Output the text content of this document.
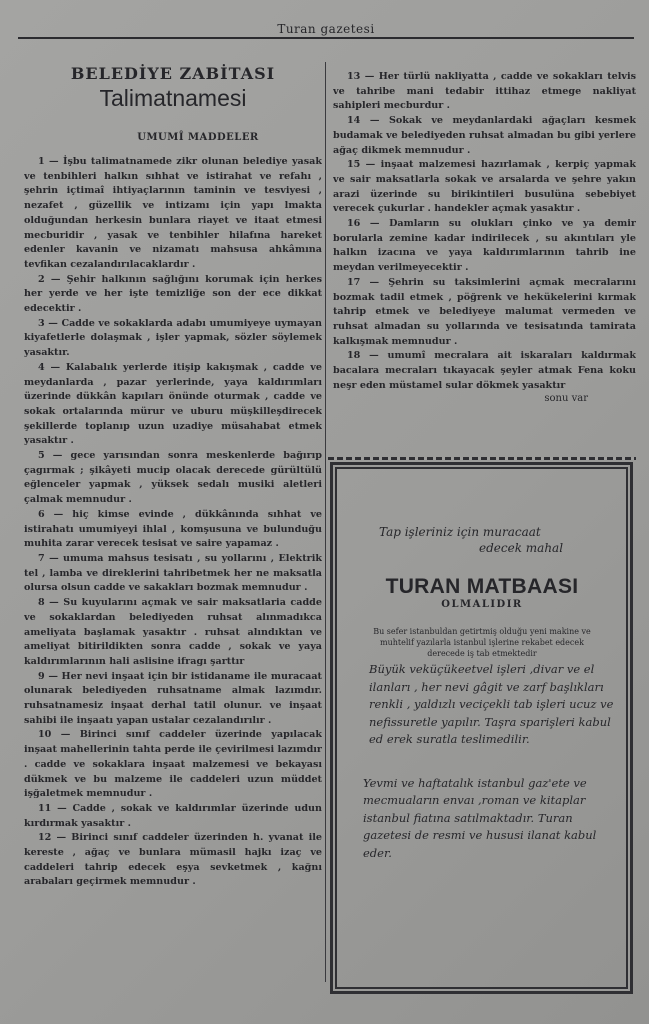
Turan gazetesi
BELEDİYE ZABİTASI
Talimatnamesi
UMUMÎ MADDELER

1 — İşbu talimatnamede zikr olunan belediye yasak ve tenbihleri halkın sıhhat ve istirahat ve refahı , şehrin içtimaî ihtiyaçlarının taminin ve tesviyesi , nezafet , güzellik ve intizamı için yapı lmakta olduğundan herkesin bunlara riayet ve itaat etmesi mecburidir , yasak ve tenbihler hilafına hareket edenler kavanin ve nizamatı mahsusa ahkâmına tevfikan cezalandırılacaklardır .

2 — Şehir halkının sağlığını korumak için herkes her yerde ve her işte temizliğe son der ece dikkat edecektir .

3 — Cadde ve sokaklarda adabı umumiyeye uymayan kiyafetlerle dolaşmak , işler yapmak, sözler söylemek yasaktır.

4 — Kalabalık yerlerde itişip kakışmak , cadde ve meydanlarda , pazar yerlerinde, yaya kaldırımları üzerinde dükkân kapıları önünde oturmak , cadde ve sokak ortalarında mürur ve uburu müşkilleşdirecek şekillerde toplanıp uzun uzadiye müsahabat etmek yasaktır .

5 — gece yarısından sonra meskenlerde bağırıp çagırmak ; şikâyeti mucip olacak derecede gürültülü eğlenceler yapmak , yüksek sedalı musiki aletleri çalmak memnudur .

6 — hiç kimse evinde , dükkânında sıhhat ve istirahatı umumiyeyi ihlal , komşusuna ve bulunduğu muhita zarar verecek tesisat ve saire yapamaz .

7 — umuma mahsus tesisatı , su yollarını , Elektrik tel , lamba ve direklerini tahribetmek her ne maksatla olursa olsun cadde ve sakakları bozmak memnudur .

8 — Su kuyularını açmak ve sair maksatlaria cadde ve sokaklardan belediyeden ruhsat alınmadıkca ameliyata başlamak yasaktır . ruhsat alındıktan ve ameliyat bitirildikten sonra cadde , sokak ve yaya kaldırımlarının hali aslisine ifragı şarttır

9 — Her nevi inşaat için bir istidaname ile muracaat olunarak belediyeden ruhsatname almak lazımdır. ruhsatnamesiz inşaat derhal tatil olunur. ve inşaat sahibi ile inşaatı yapan ustalar cezalandırılır .

10 — Birinci sınıf caddeler üzerinde yapılacak inşaat mahellerinin tahta perde ile çevirilmesi lazımdır . cadde ve sokaklara inşaat malzemesi ve bekayası dükmek ve bu malzeme ile caddeleri uzun müddet işğaletmek memnudur .

11 — Cadde , sokak ve kaldırımlar üzerinde udun kırdırmak yasaktır .

12 — Birinci sınıf caddeler üzerinden h. yvanat ile kereste , ağaç ve bunlara mümasil hajkı izaç ve caddeleri tahrip edecek eşya sevketmek , kağnı arabaları geçirmek memnudur .

13 — Her türlü nakliyatta , cadde ve sokakları telvis ve tahribe mani tedabir ittihaz etmege nakliyat sahipleri mecburdur .

14 — Sokak ve meydanlardaki ağaçları kesmek budamak ve belediyeden ruhsat almadan bu gibi yerlere ağaç dikmek memnudur .

15 — inşaat malzemesi hazırlamak , kerpiç yapmak ve sair maksatlarla sokak ve arsalarda ve şehre yakın arazi üzerinde su birikintileri busulüna sebebiyet verecek çukurlar . handekler açmak yasaktır .

16 — Damların su olukları çinko ve ya demir borularla zemine kadar indirilecek , su akıntıları yle halkın izacına ve yaya kaldırımlarının tahrib ine meydan verilmeyecektir .

17 — Şehrin su taksimlerini açmak mecralarını bozmak tadil etmek , pöğrenk ve hekükelerini kırmak tahrip etmek ve belediyeye malumat vermeden ve ruhsat almadan su yollarında ve tesisatında tamirata kalkışmak memnudur .

18 — umumî mecralara ait iskaraları kaldırmak bacalara mecraları tıkayacak şeyler atmak Fena koku neşr eden müstamel sular dökmek yasaktır

sonu var

Tap işleriniz için muracaat

edecek mahal

TURAN MATBAASI

OLMALIDIR

Bu sefer istanbuldan getirtmiş olduğu yeni makine ve muhtelif yazılarla istanbul işlerine rekabet edecek derecede iş tab etmektedir

Büyük veküçükeetvel işleri ,divar ve el ilanları , her nevi gâgit ve zarf başlıkları renkli , yaldızlı veciçekli tab işleri ucuz ve nefissuretle yapılır. Taşra sparişleri kabul ed erek suratla teslimedilir.

Yevmi ve haftatalık istanbul gaz'ete ve mecmuaların envaı ,roman ve kitaplar istanbul fiatına satılmaktadır. Turan gazetesi de resmi ve hususi ilanat kabul eder.
